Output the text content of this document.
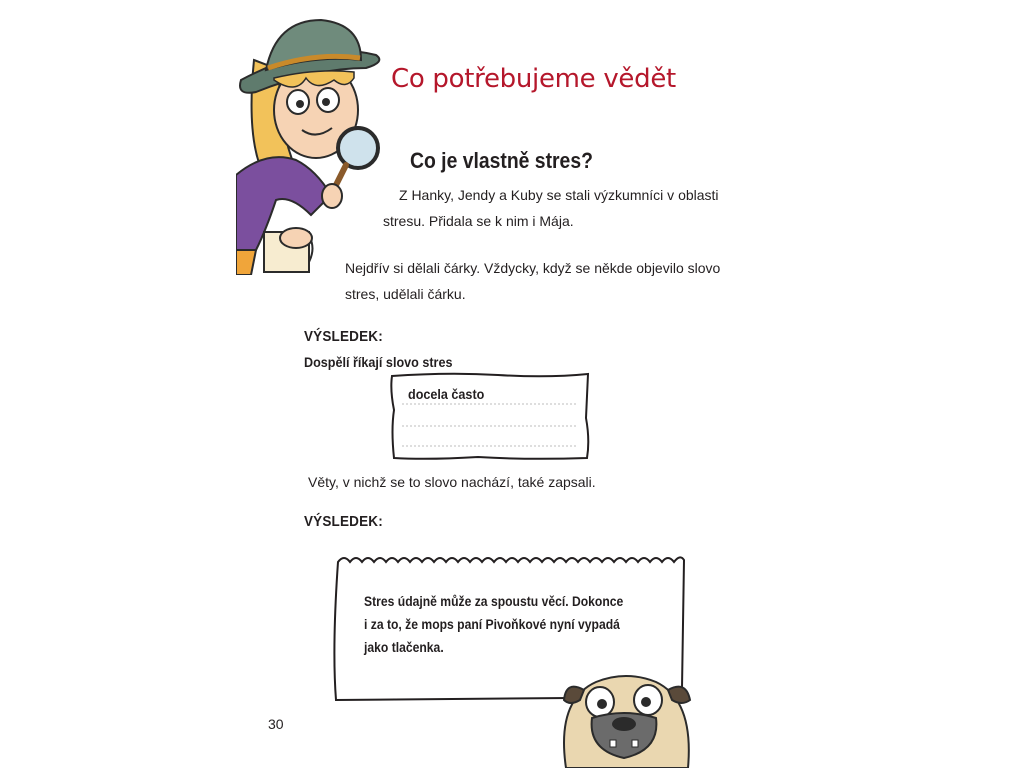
Co potřebujeme vědět
Co je vlastně stres?
Z Hanky, Jendy a Kuby se stali výzkumníci v oblasti stresu. Přidala se k nim i Mája.
Nejdřív si dělali čárky. Vždycky, když se někde objevilo slovo stres, udělali čárku.
VÝSLEDEK:
Dospělí říkají slovo stres
docela často
Věty, v nichž se to slovo nachází, také zapsali.
VÝSLEDEK:
Stres údajně může za spoustu věcí. Dokonce
i za to, že mops paní Pivoňkové nyní vypadá
jako tlačenka.
30
